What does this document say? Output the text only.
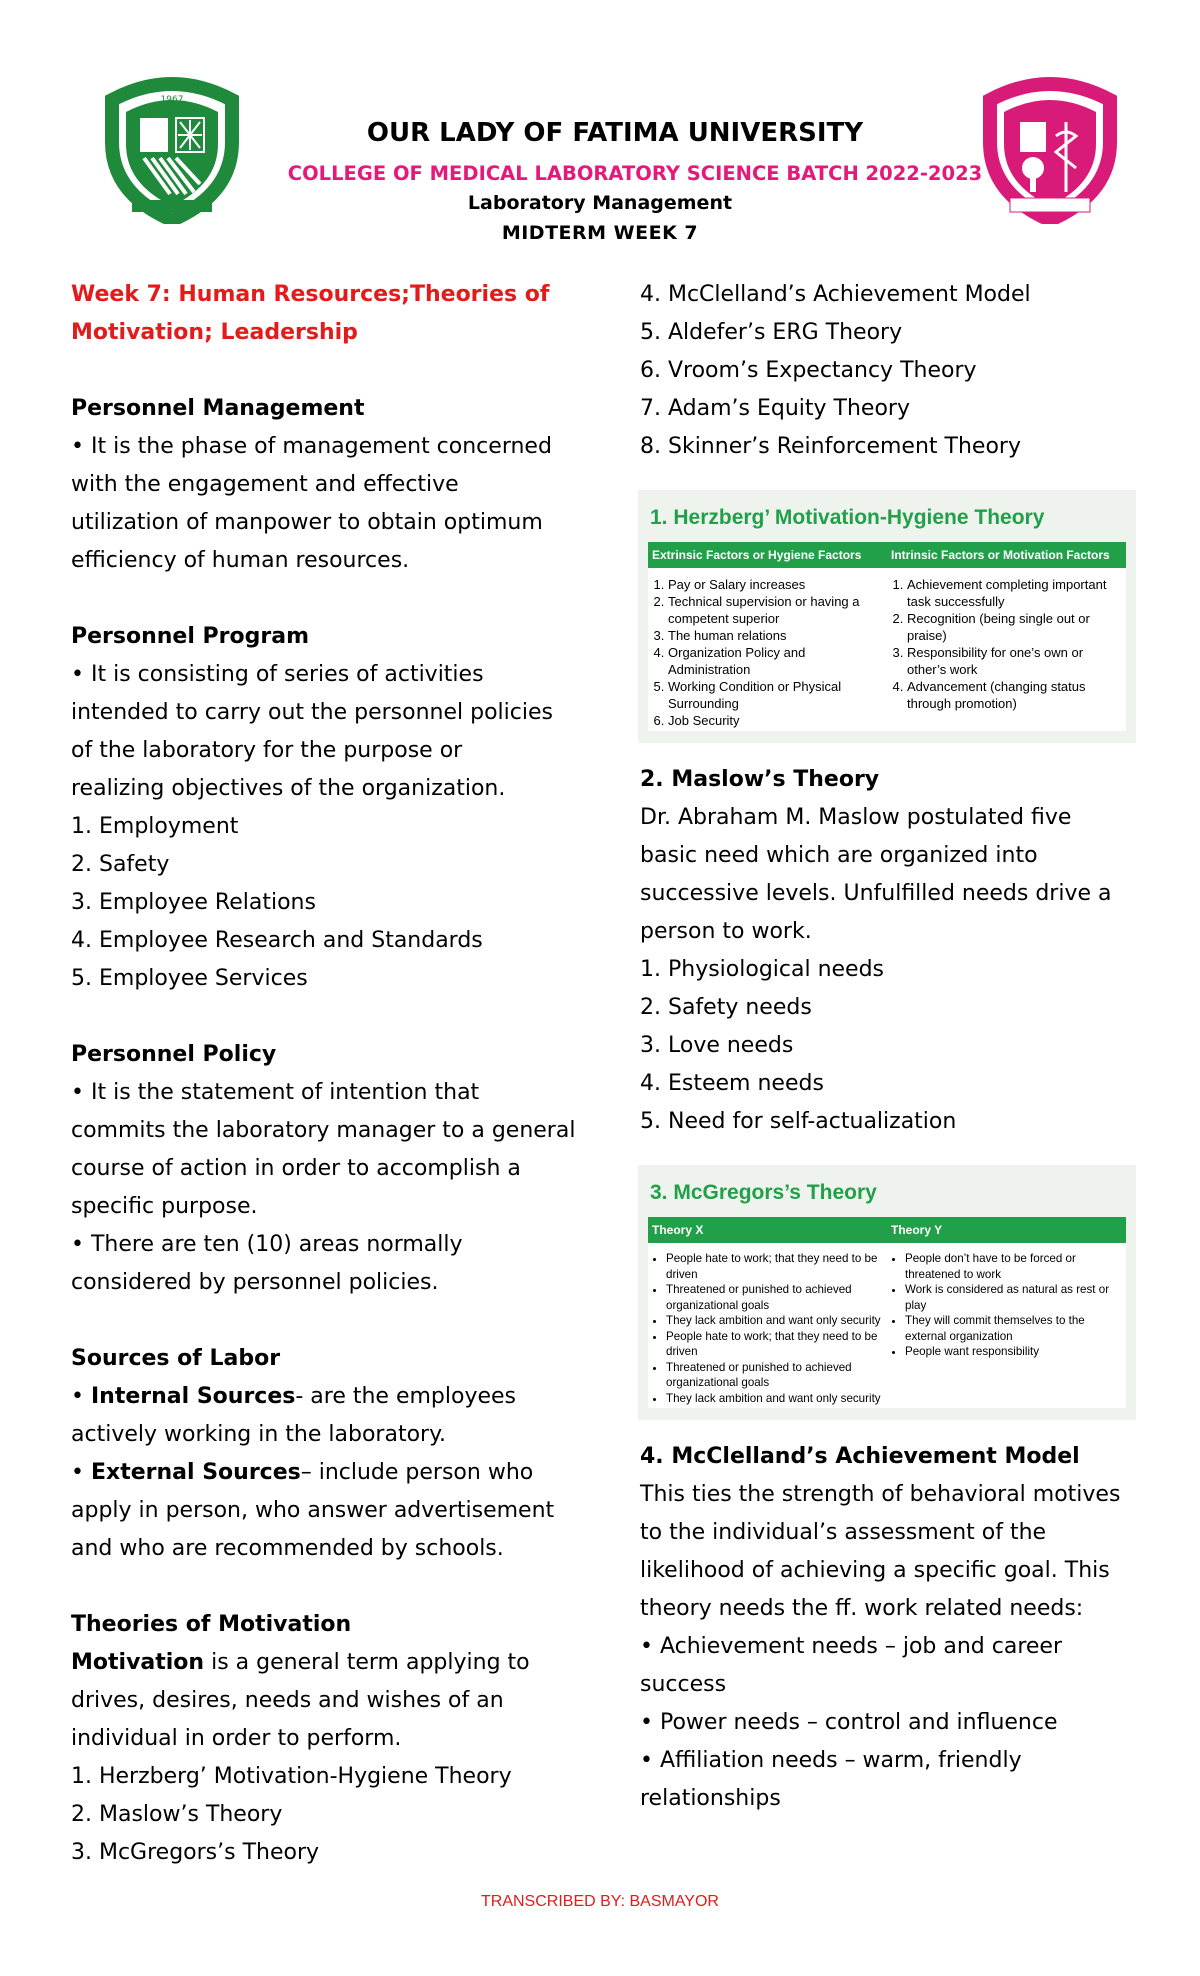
1967
OUR LADY OF FATIMA UNIVERSITY
COLLEGE OF MEDICAL LABORATORY SCIENCE BATCH 2022-2023
Laboratory Management
MIDTERM WEEK 7

Week 7: Human Resources;Theories of

Motivation; Leadership

Personnel Management

• It is the phase of management concerned

with the engagement and effective

utilization of manpower to obtain optimum

efficiency of human resources.

Personnel Program

• It is consisting of series of activities

intended to carry out the personnel policies

of the laboratory for the purpose or

realizing objectives of the organization.

1. Employment

2. Safety

3. Employee Relations

4. Employee Research and Standards

5. Employee Services

Personnel Policy

• It is the statement of intention that

commits the laboratory manager to a general

course of action in order to accomplish a

specific purpose.

• There are ten (10) areas normally

considered by personnel policies.

Sources of Labor

• Internal Sources- are the employees

actively working in the laboratory.

• External Sources– include person who

apply in person, who answer advertisement

and who are recommended by schools.

Theories of Motivation

Motivation is a general term applying to

drives, desires, needs and wishes of an

individual in order to perform.

1. Herzberg’ Motivation-Hygiene Theory

2. Maslow’s Theory

3. McGregors’s Theory

4. McClelland’s Achievement Model

5. Aldefer’s ERG Theory

6. Vroom’s Expectancy Theory

7. Adam’s Equity Theory

8. Skinner’s Reinforcement Theory

1. Herzberg’ Motivation-Hygiene Theory
Extrinsic Factors or Hygiene Factors	Intrinsic Factors or Motivation Factors
1. Pay or Salary increases
2. Technical supervision or having a competent superior
3. The human relations
4. Organization Policy and Administration
5. Working Condition or Physical Surrounding
6. Job Security
1. Achievement completing important task successfully
2. Recognition (being single out or praise)
3. Responsibility for one’s own or other’s work
4. Advancement (changing status through promotion)

2. Maslow’s Theory

Dr. Abraham M. Maslow postulated five

basic need which are organized into

successive levels. Unfulfilled needs drive a

person to work.

1. Physiological needs

2. Safety needs

3. Love needs

4. Esteem needs

5. Need for self-actualization

3. McGregors’s Theory
Theory X	Theory Y
• People hate to work; that they need to be driven
• Threatened or punished to achieved organizational goals
• They lack ambition and want only security
• People hate to work; that they need to be driven
• Threatened or punished to achieved organizational goals
• They lack ambition and want only security
• People don’t have to be forced or threatened to work
• Work is considered as natural as rest or play
• They will commit themselves to the external organization
• People want responsibility

4. McClelland’s Achievement Model

This ties the strength of behavioral motives

to the individual’s assessment of the

likelihood of achieving a specific goal. This

theory needs the ff. work related needs:

• Achievement needs – job and career

success

• Power needs – control and influence

• Affiliation needs – warm, friendly

relationships

TRANSCRIBED BY: BASMAYOR
